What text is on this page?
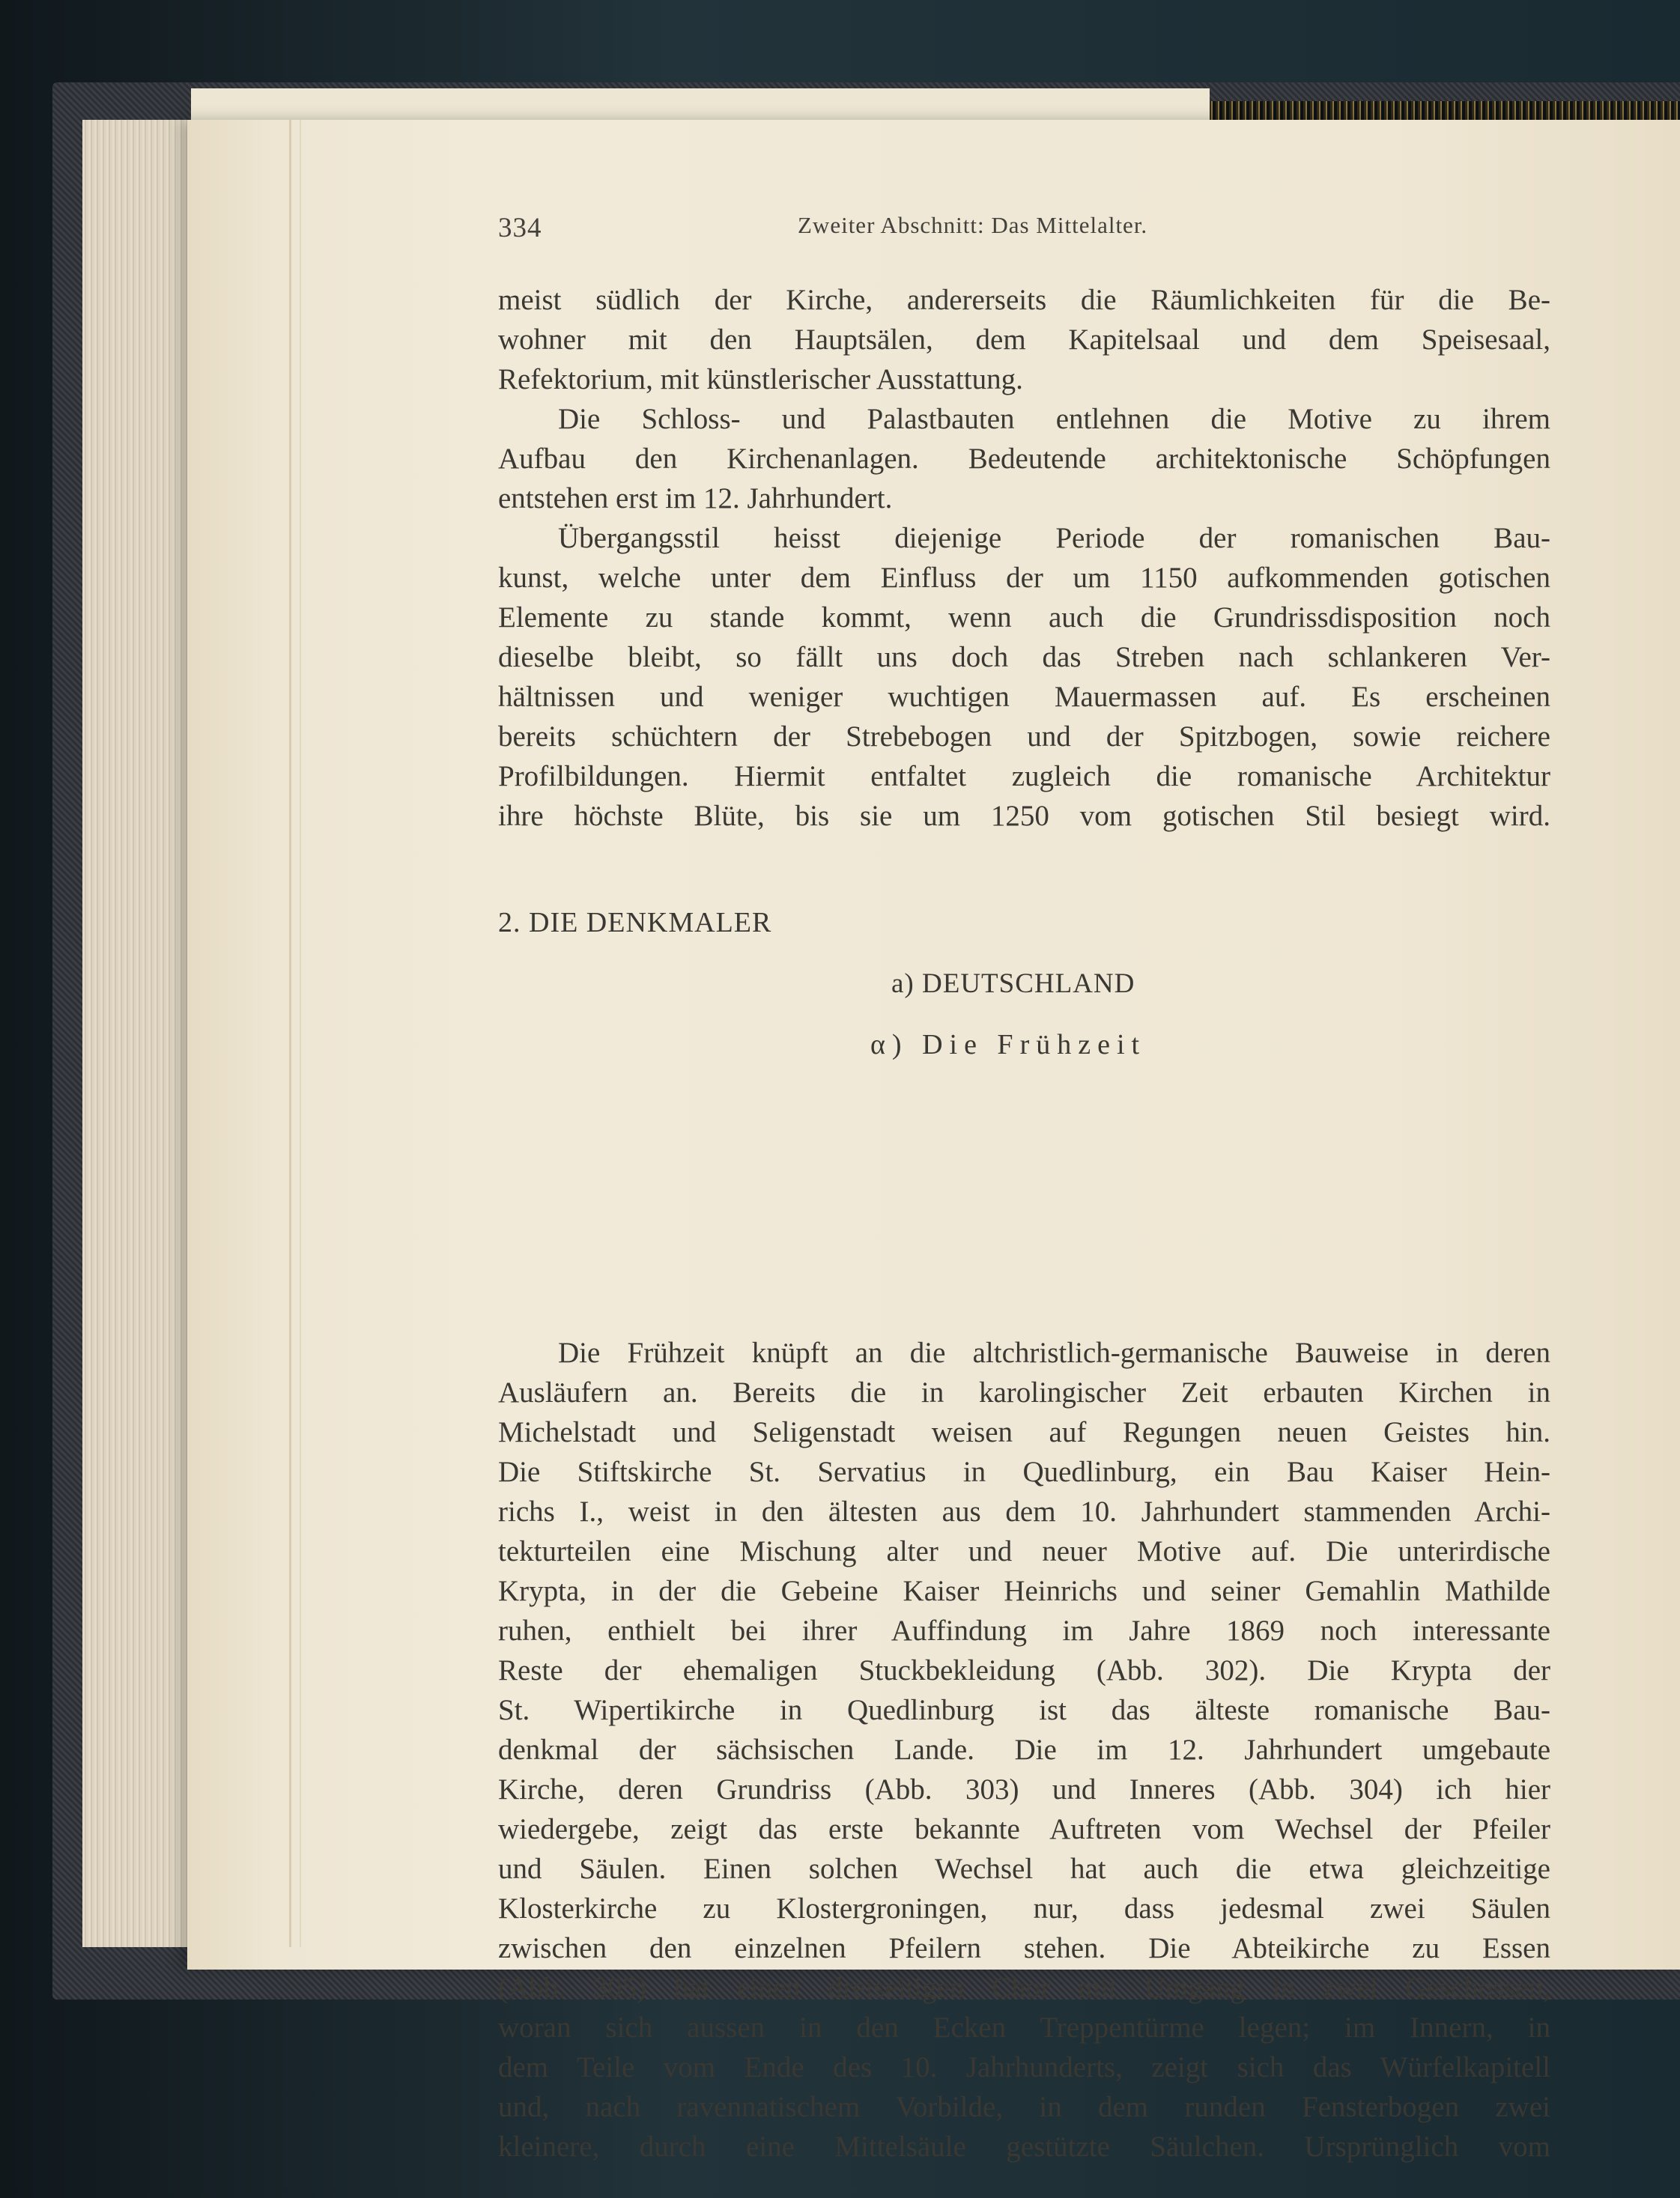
334	Zweiter Abschnitt: Das Mittelalter.
meist südlich der Kirche, andererseits die Räumlichkeiten für die Be-
wohner mit den Hauptsälen, dem Kapitelsaal und dem Speisesaal,
Refektorium, mit künstlerischer Ausstattung.
Die Schloss- und Palastbauten entlehnen die Motive zu ihrem
Aufbau den Kirchenanlagen. Bedeutende architektonische Schöpfungen
entstehen erst im 12. Jahrhundert.
Übergangsstil heisst diejenige Periode der romanischen Bau-
kunst, welche unter dem Einfluss der um 1150 aufkommenden gotischen
Elemente zu stande kommt, wenn auch die Grundrissdisposition noch
dieselbe bleibt, so fällt uns doch das Streben nach schlankeren Ver-
hältnissen und weniger wuchtigen Mauermassen auf. Es erscheinen
bereits schüchtern der Strebebogen und der Spitzbogen, sowie reichere
Profilbildungen. Hiermit entfaltet zugleich die romanische Architektur
ihre höchste Blüte, bis sie um 1250 vom gotischen Stil besiegt wird.
2. DIE DENKMALER
a) DEUTSCHLAND
α) Die Frühzeit
Die Frühzeit knüpft an die altchristlich-germanische Bauweise in deren
Ausläufern an. Bereits die in karolingischer Zeit erbauten Kirchen in
Michelstadt und Seligenstadt weisen auf Regungen neuen Geistes hin.
Die Stiftskirche St. Servatius in Quedlinburg, ein Bau Kaiser Hein-
richs I., weist in den ältesten aus dem 10. Jahrhundert stammenden Archi-
tekturteilen eine Mischung alter und neuer Motive auf. Die unterirdische
Krypta, in der die Gebeine Kaiser Heinrichs und seiner Gemahlin Mathilde
ruhen, enthielt bei ihrer Auffindung im Jahre 1869 noch interessante
Reste der ehemaligen Stuckbekleidung (Abb. 302). Die Krypta der
St. Wipertikirche in Quedlinburg ist das älteste romanische Bau-
denkmal der sächsischen Lande. Die im 12. Jahrhundert umgebaute
Kirche, deren Grundriss (Abb. 303) und Inneres (Abb. 304) ich hier
wiedergebe, zeigt das erste bekannte Auftreten vom Wechsel der Pfeiler
und Säulen. Einen solchen Wechsel hat auch die etwa gleichzeitige
Klosterkirche zu Klostergroningen, nur, dass jedesmal zwei Säulen
zwischen den einzelnen Pfeilern stehen. Die Abteikirche zu Essen
(Abb. 305) hat einen dreiseitigen Chor mit Umgang in zwei Geschossen,
woran sich aussen in den Ecken Treppentürme legen; im Innern, in
dem Teile vom Ende des 10. Jahrhunderts, zeigt sich das Würfelkapitell
und, nach ravennatischem Vorbilde, in dem runden Fensterbogen zwei
kleinere, durch eine Mittelsäule gestützte Säulchen. Ursprünglich vom
